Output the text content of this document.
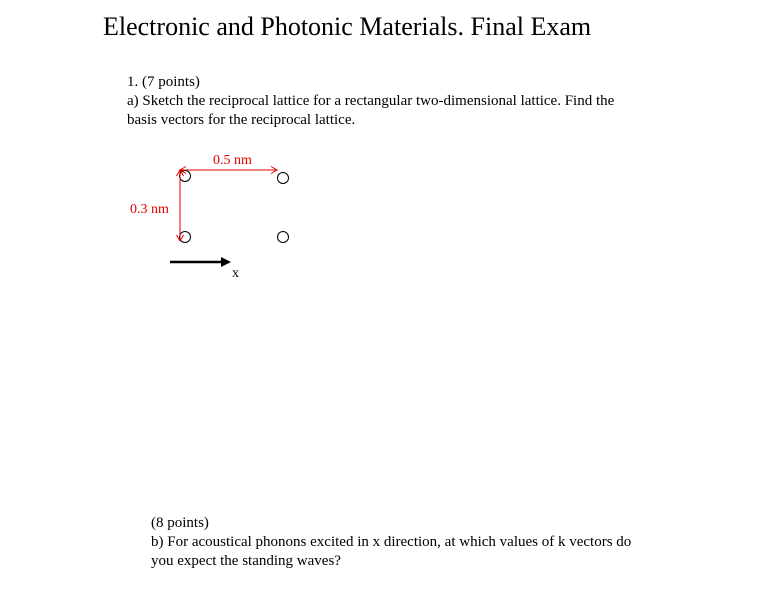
Electronic and Photonic Materials. Final Exam
1. (7 points)
a) Sketch the reciprocal lattice for a rectangular two-dimensional lattice. Find the
basis vectors for the reciprocal lattice.
0.5 nm
0.3 nm
x
(8 points)
b) For acoustical phonons excited in x direction, at which values of k vectors do
you expect the standing waves?
